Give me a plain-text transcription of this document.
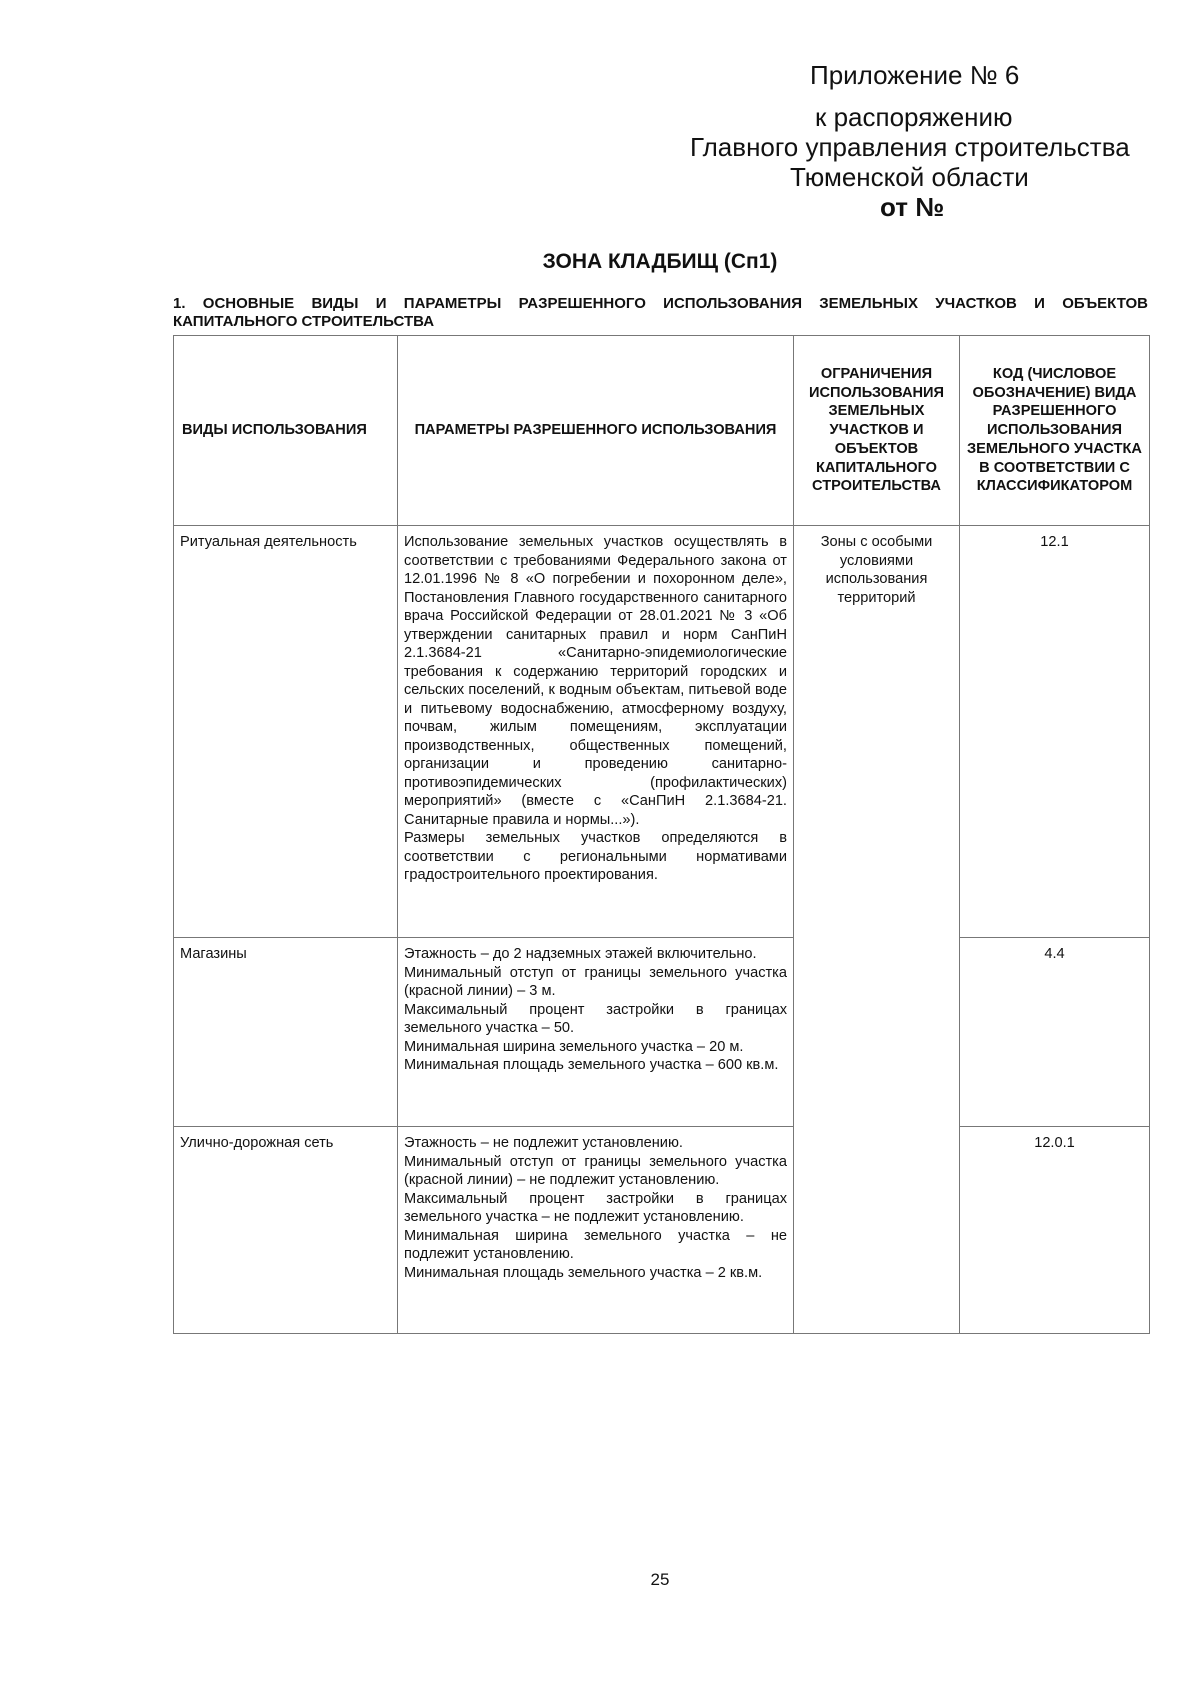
Приложение № 6
к распоряжению
Главного управления строительства
Тюменской области
от №
ЗОНА КЛАДБИЩ (Сп1)
1. ОСНОВНЫЕ ВИДЫ И ПАРАМЕТРЫ РАЗРЕШЕННОГО ИСПОЛЬЗОВАНИЯ ЗЕМЕЛЬНЫХ УЧАСТКОВ И ОБЪЕКТОВ
КАПИТАЛЬНОГО СТРОИТЕЛЬСТВА
ВИДЫ ИСПОЛЬЗОВАНИЯ	ПАРАМЕТРЫ РАЗРЕШЕННОГО ИСПОЛЬЗОВАНИЯ	ОГРАНИЧЕНИЯ ИСПОЛЬЗОВАНИЯ ЗЕМЕЛЬНЫХ УЧАСТКОВ И ОБЪЕКТОВ КАПИТАЛЬНОГО СТРОИТЕЛЬСТВА	КОД (ЧИСЛОВОЕ ОБОЗНАЧЕНИЕ) ВИДА РАЗРЕШЕННОГО ИСПОЛЬЗОВАНИЯ ЗЕМЕЛЬНОГО УЧАСТКА В СООТВЕТСТВИИ С КЛАССИФИКАТОРОМ
Ритуальная деятельность	Использование земельных участков осуществлять в соответствии с требованиями Федерального закона от 12.01.1996 № 8 «О погребении и похоронном деле», Постановления Главного государственного санитарного врача Российской Федерации от 28.01.2021 № 3 «Об утверждении санитарных правил и норм СанПиН 2.1.3684-21 «Санитарно-эпидемиологические требования к содержанию территорий городских и сельских поселений, к водным объектам, питьевой воде и питьевому водоснабжению, атмосферному воздуху, почвам, жилым помещениям, эксплуатации производственных, общественных помещений, организации и проведению санитарно-противоэпидемических (профилактических) мероприятий» (вместе с «СанПиН 2.1.3684-21. Санитарные правила и нормы...»).
Размеры земельных участков определяются в соответствии с региональными нормативами градостроительного проектирования.	Зоны с особыми условиями использования территорий	12.1
Магазины	Этажность – до 2 надземных этажей включительно.
Минимальный отступ от границы земельного участка (красной линии) – 3 м.
Максимальный процент застройки в границах земельного участка – 50.
Минимальная ширина земельного участка – 20 м.
Минимальная площадь земельного участка – 600 кв.м.		4.4
Улично-дорожная сеть	Этажность – не подлежит установлению.
Минимальный отступ от границы земельного участка (красной линии) – не подлежит установлению.
Максимальный процент застройки в границах земельного участка – не подлежит установлению.
Минимальная ширина земельного участка – не подлежит установлению.
Минимальная площадь земельного участка – 2 кв.м.		12.0.1
25
